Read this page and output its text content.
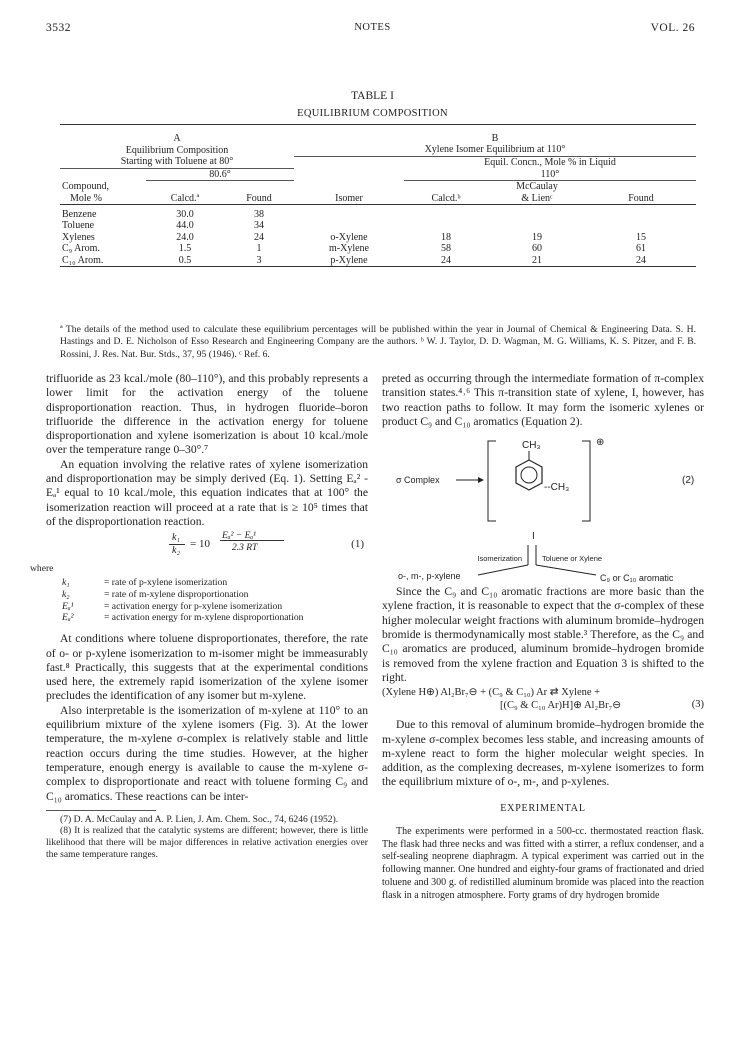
3532	NOTES	VOL. 26
TABLE I
EQUILIBRIUM COMPOSITION
A			B			
Equilibrium Composition			Xylene Isomer Equilibrium at 110°			
Starting with Toluene at 80°				Equil. Concn., Mole % in Liquid		
	80.6°			110°		
Compound,					McCaulay	
Mole %	Calcd.ª	Found	Isomer	Calcd.ᵇ	& Lienᶜ	Found

Benzene	30.0	38				
Toluene	44.0	34				
Xylenes	24.0	24	o-Xylene	18	19	15
C₉ Arom.	1.5	1	m-Xylene	58	60	61
C₁₀ Arom.	0.5	3	p-Xylene	24	21	24
ª The details of the method used to calculate these equilibrium percentages will be published within the year in Journal of Chemical & Engineering Data. S. H. Hastings and D. E. Nicholson of Esso Research and Engineering Company are the authors. ᵇ W. J. Taylor, D. D. Wagman, M. G. Williams, K. S. Pitzer, and F. B. Rossini, J. Res. Nat. Bur. Stds., 37, 95 (1946). ᶜ Ref. 6.

trifluoride as 23 kcal./mole (80–110°), and this probably represents a lower limit for the activation energy of the toluene disproportionation reaction. Thus, in hydrogen fluoride–boron trifluoride the difference in the activation energy for toluene disproportionation and xylene isomerization is about 10 kcal./mole over the temperature range 0–30°.⁷

An equation involving the relative rates of xylene isomerization and disproportionation may be simply derived (Eq. 1). Setting Eₐ² - Eₐ¹ equal to 10 kcal./mole, this equation indicates that at 100° the isomerization reaction will proceed at a rate that is ≥ 10⁵ times that of the disproportionation reaction.

k₁
k₂
= 10
Eₐ² − Eₐ¹
2.3 RT	(1)
where
k₁	= rate of p-xylene isomerization
k₂	= rate of m-xylene disproportionation
Eₐ¹	= activation energy for p-xylene isomerization
Eₐ²	= activation energy for m-xylene disproportionation

At conditions where toluene disproportionates, therefore, the rate of o- or p-xylene isomerization to m-isomer might be immeasurably fast.⁸ Practically, this suggests that at the experimental conditions used here, the extremely rapid isomerization of the xylene isomer precludes the identification of any isomer but m-xylene.

Also interpretable is the isomerization of m-xylene at 110° to an equilibrium mixture of the xylene isomers (Fig. 3). At the lower temperature, the m-xylene σ-complex is relatively stable and little reaction occurs during the time studies. However, at the higher temperature, enough energy is available to cause the m-xylene σ-complex to disproportionate and react with toluene forming C₉ and C₁₀ aromatics. These reactions can be inter-

(7) D. A. McCaulay and A. P. Lien, J. Am. Chem. Soc., 74, 6246 (1952).
(8) It is realized that the catalytic systems are different; however, there is little likelihood that there will be major differences in relative activation energies over the same temperature ranges.

preted as occurring through the intermediate formation of π-complex transition states.⁴˒⁶ This π-transition state of xylene, I, however, has two reaction paths to follow. It may form the isomeric xylenes or product C₉ and C₁₀ aromatics (Equation 2).

σ Complex
⊕
CH₃
--CH₃
(2)
I
Isomerization	Toluene or Xylene
o-, m-, p-xylene	C₉ or C₁₀ aromatic

Since the C₉ and C₁₀ aromatic fractions are more basic than the xylene fraction, it is reasonable to expect that the σ-complex of these higher molecular weight fractions with aluminum bromide–hydrogen bromide is thermodynamically most stable.³ Therefore, as the C₉ and C₁₀ aromatics are produced, aluminum bromide–hydrogen bromide is removed from the xylene fraction and Equation 3 is shifted to the right.

(Xylene H⊕) Al₂Br₇⊖ + (C₉ & C₁₀) Ar ⇄ Xylene +
[(C₉ & C₁₀ Ar)H]⊕ Al₂Br₇⊖	(3)

Due to this removal of aluminum bromide–hydrogen bromide the m-xylene σ-complex becomes less stable, and increasing amounts of m-xylene react to form the higher molecular weight species. In addition, as the complexing decreases, m-xylene isomerizes to form the equilibrium mixture of o-, m-, and p-xylenes.

EXPERIMENTAL

The experiments were performed in a 500-cc. thermostated reaction flask. The flask had three necks and was fitted with a stirrer, a reflux condenser, and a self-sealing neoprene diaphragm. A typical experiment was carried out in the following manner. One hundred and eighty-four grams of fractionated and dried toluene and 300 g. of redistilled aluminum bromide was placed into the reaction flask in a nitrogen atmosphere. Forty grams of dry hydrogen bromide
